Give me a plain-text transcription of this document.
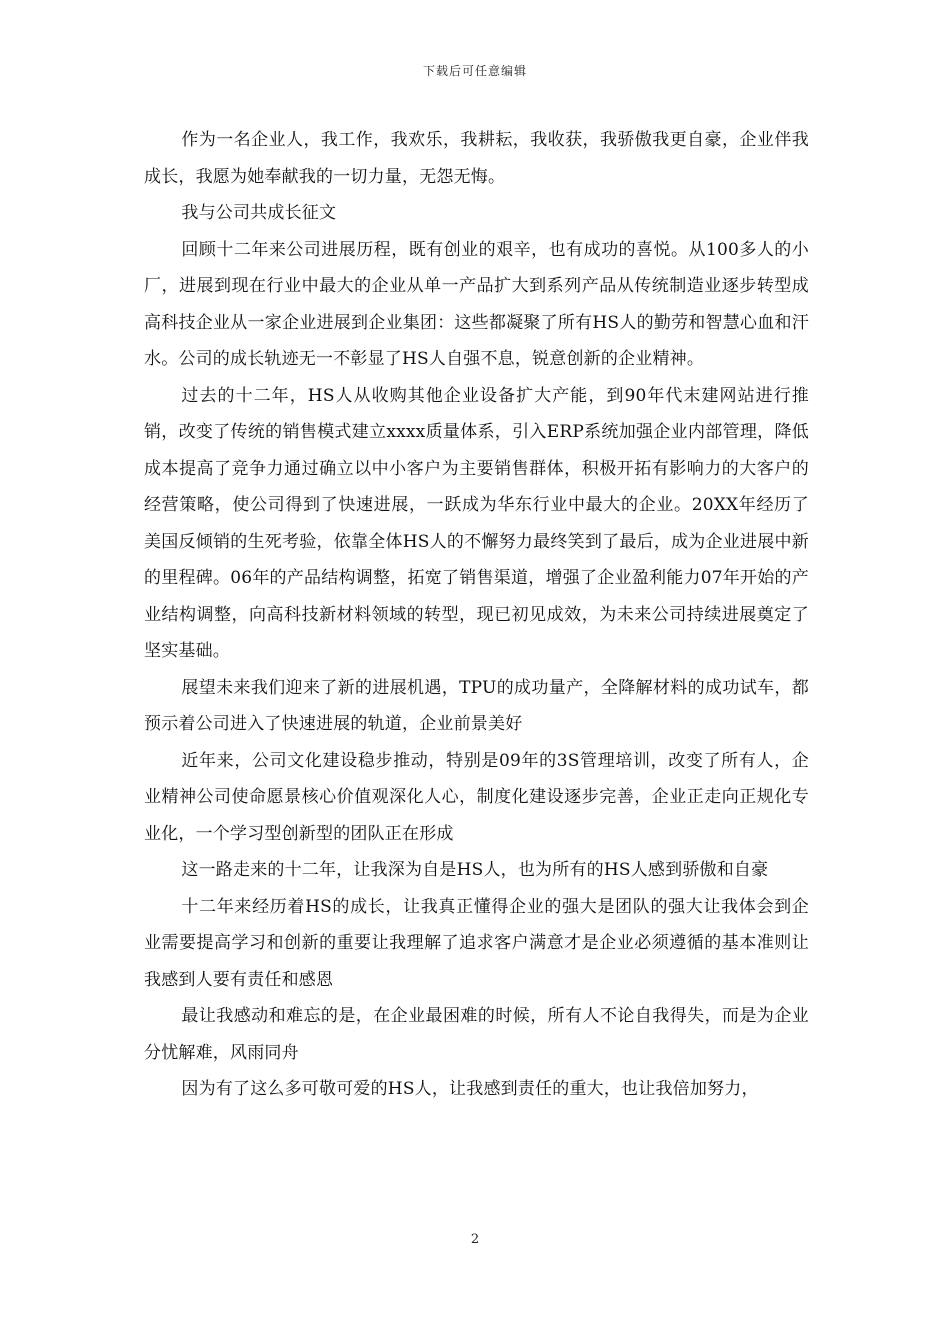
下载后可任意编辑

作为一名企业人，我工作，我欢乐，我耕耘，我收获，我骄傲我更自豪，企业伴我成长，我愿为她奉献我的一切力量，无怨无悔。

我与公司共成长征文

回顾十二年来公司进展历程，既有创业的艰辛，也有成功的喜悦。从100多人的小厂，进展到现在行业中最大的企业从单一产品扩大到系列产品从传统制造业逐步转型成高科技企业从一家企业进展到企业集团：这些都凝聚了所有HS人的勤劳和智慧心血和汗水。公司的成长轨迹无一不彰显了HS人自强不息，锐意创新的企业精神。

过去的十二年，HS人从收购其他企业设备扩大产能，到90年代末建网站进行推销，改变了传统的销售模式建立xxxx质量体系，引入ERP系统加强企业内部管理，降低成本提高了竞争力通过确立以中小客户为主要销售群体，积极开拓有影响力的大客户的经营策略，使公司得到了快速进展，一跃成为华东行业中最大的企业。20XX年经历了美国反倾销的生死考验，依靠全体HS人的不懈努力最终笑到了最后，成为企业进展中新的里程碑。06年的产品结构调整，拓宽了销售渠道，增强了企业盈利能力07年开始的产业结构调整，向高科技新材料领域的转型，现已初见成效，为未来公司持续进展奠定了坚实基础。

展望未来我们迎来了新的进展机遇，TPU的成功量产，全降解材料的成功试车，都预示着公司进入了快速进展的轨道，企业前景美好

近年来，公司文化建设稳步推动，特别是09年的3S管理培训，改变了所有人，企业精神公司使命愿景核心价值观深化人心，制度化建设逐步完善，企业正走向正规化专业化，一个学习型创新型的团队正在形成

这一路走来的十二年，让我深为自是HS人，也为所有的HS人感到骄傲和自豪

十二年来经历着HS的成长，让我真正懂得企业的强大是团队的强大让我体会到企业需要提高学习和创新的重要让我理解了追求客户满意才是企业必须遵循的基本准则让我感到人要有责任和感恩

最让我感动和难忘的是，在企业最困难的时候，所有人不论自我得失，而是为企业分忧解难，风雨同舟

因为有了这么多可敬可爱的HS人，让我感到责任的重大，也让我倍加努力，

2
